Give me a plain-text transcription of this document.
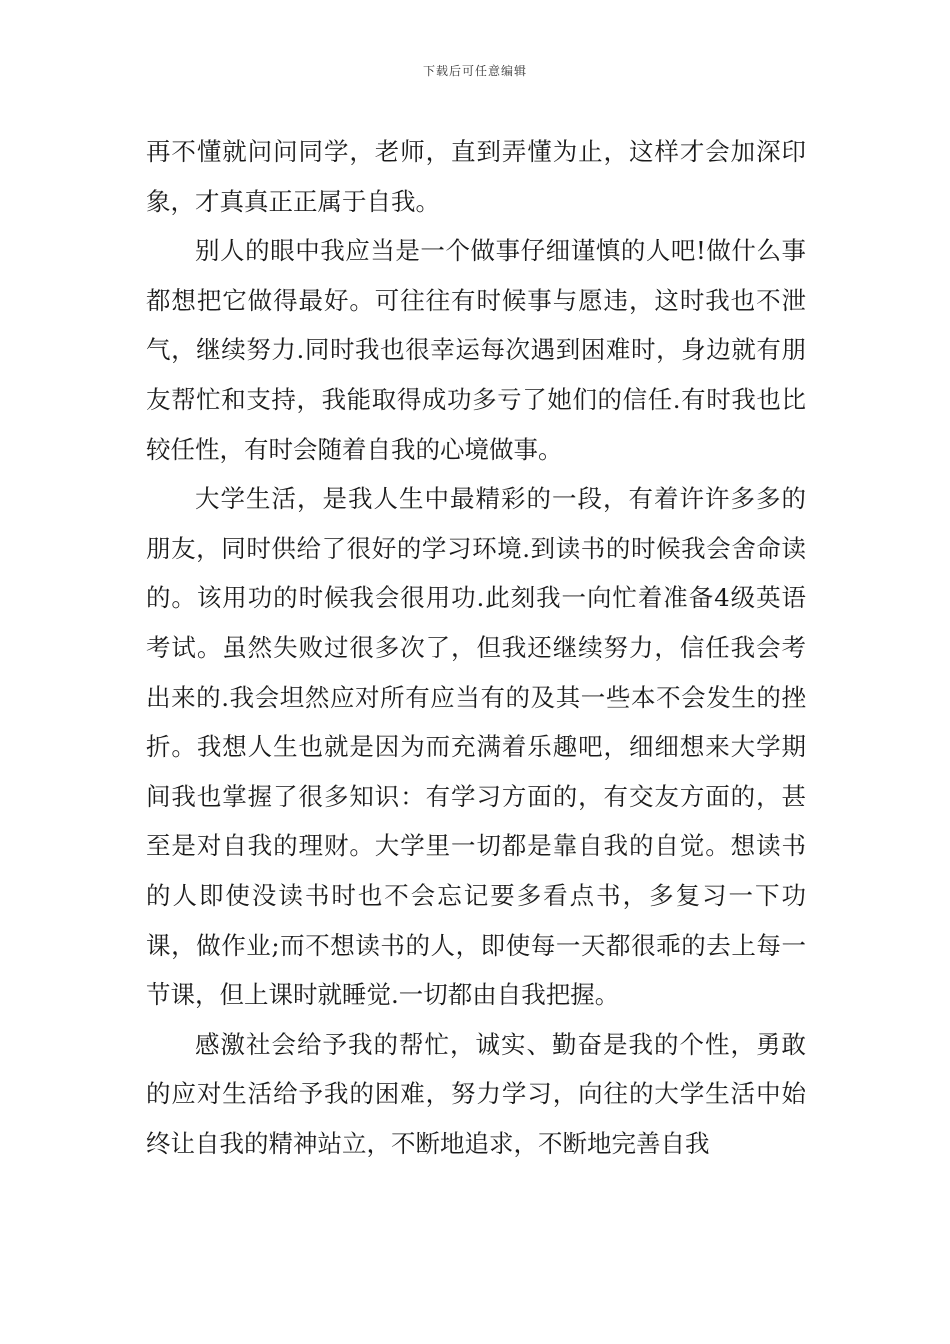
下载后可任意编辑

再不懂就问问同学，老师，直到弄懂为止，这样才会加深印象，才真真正正属于自我。

别人的眼中我应当是一个做事仔细谨慎的人吧!做什么事都想把它做得最好。可往往有时候事与愿违，这时我也不泄气，继续努力.同时我也很幸运每次遇到困难时，身边就有朋友帮忙和支持，我能取得成功多亏了她们的信任.有时我也比较任性，有时会随着自我的心境做事。

大学生活，是我人生中最精彩的一段，有着许许多多的朋友，同时供给了很好的学习环境.到读书的时候我会舍命读的。该用功的时候我会很用功.此刻我一向忙着准备4级英语考试。虽然失败过很多次了，但我还继续努力，信任我会考出来的.我会坦然应对所有应当有的及其一些本不会发生的挫折。我想人生也就是因为而充满着乐趣吧，细细想来大学期间我也掌握了很多知识：有学习方面的，有交友方面的，甚至是对自我的理财。大学里一切都是靠自我的自觉。想读书的人即使没读书时也不会忘记要多看点书，多复习一下功课，做作业;而不想读书的人，即使每一天都很乖的去上每一节课，但上课时就睡觉.一切都由自我把握。

感激社会给予我的帮忙，诚实、勤奋是我的个性，勇敢的应对生活给予我的困难，努力学习，向往的大学生活中始终让自我的精神站立，不断地追求，不断地完善自我
